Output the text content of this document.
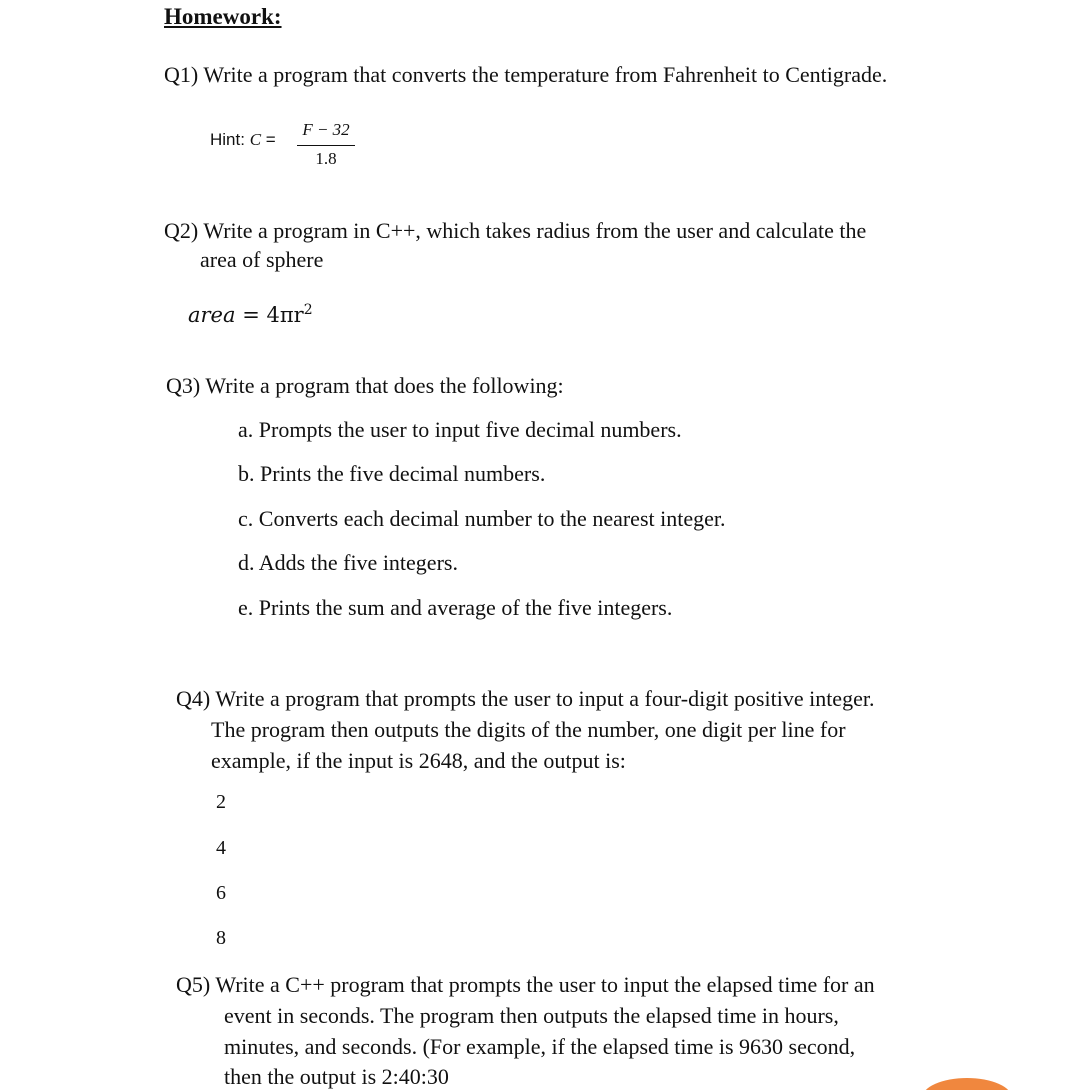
Homework:
Q1) Write a program that converts the temperature from Fahrenheit to Centigrade.
Hint: C =
F − 32
1.8
Q2) Write a program in C++, which takes radius from the user and calculate the
area of sphere
area = $4\pi r^2$
Q3) Write a program that does the following:
a. Prompts the user to input five decimal numbers.
b. Prints the five decimal numbers.
c. Converts each decimal number to the nearest integer.
d. Adds the five integers.
e. Prints the sum and average of the five integers.
Q4) Write a program that prompts the user to input a four-digit positive integer.
The program then outputs the digits of the number, one digit per line for
example, if the input is 2648, and the output is:
2
4
6
8
Q5) Write a C++ program that prompts the user to input the elapsed time for an
event in seconds. The program then outputs the elapsed time in hours,
minutes, and seconds. (For example, if the elapsed time is 9630 second,
then the output is 2:40:30
